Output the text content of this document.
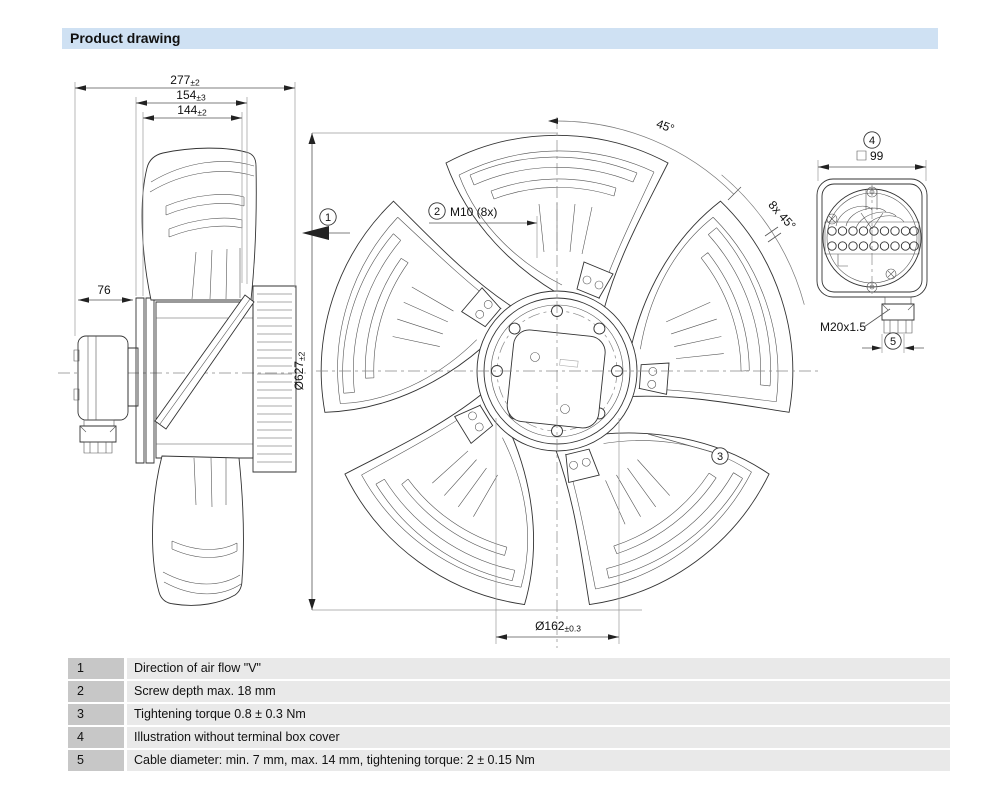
Product drawing
277±2
154±3
144±2
76
45°
8x 45°
Ø627±2
Ø162±0.3
1	2 M10 (8x)
3
4
99
M20x1.5
5
1	Direction of air flow "V"
2	Screw depth max. 18 mm
3	Tightening torque 0.8 ± 0.3 Nm
4	Illustration without terminal box cover
5	Cable diameter: min. 7 mm, max. 14 mm, tightening torque: 2 ± 0.15 Nm
